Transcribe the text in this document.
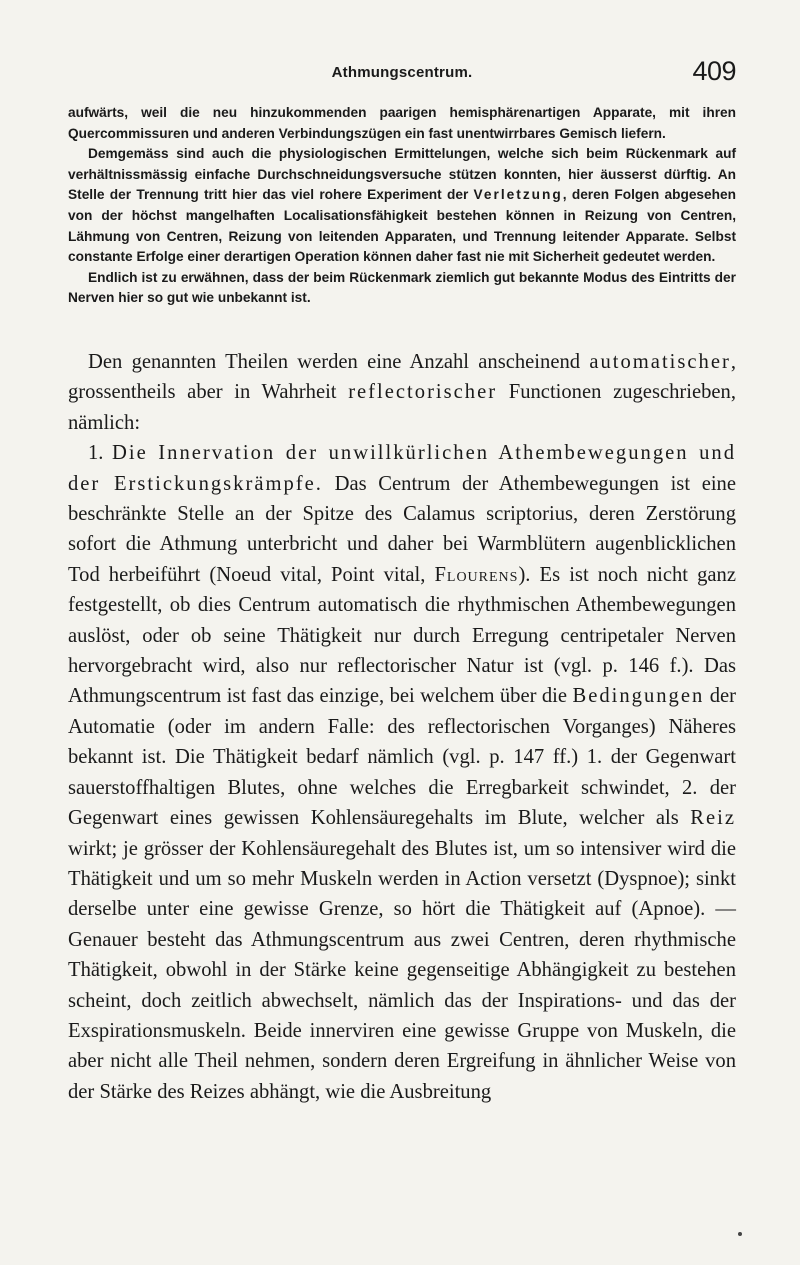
Athmungscentrum.	409

aufwärts, weil die neu hinzukommenden paarigen hemisphärenartigen Apparate, mit ihren Quercommissuren und anderen Verbindungszügen ein fast unentwirrbares Gemisch liefern.

Demgemäss sind auch die physiologischen Ermittelungen, welche sich beim Rückenmark auf verhältnissmässig einfache Durchschneidungsversuche stützen konnten, hier äusserst dürftig. An Stelle der Trennung tritt hier das viel rohere Experiment der Verletzung, deren Folgen abgesehen von der höchst mangelhaften Localisationsfähigkeit bestehen können in Reizung von Centren, Lähmung von Centren, Reizung von leitenden Apparaten, und Trennung leitender Apparate. Selbst constante Erfolge einer derartigen Operation können daher fast nie mit Sicherheit gedeutet werden.

Endlich ist zu erwähnen, dass der beim Rückenmark ziemlich gut bekannte Modus des Eintritts der Nerven hier so gut wie unbekannt ist.

Den genannten Theilen werden eine Anzahl anscheinend automatischer, grossentheils aber in Wahrheit reflectorischer Functionen zugeschrieben, nämlich:

1. Die Innervation der unwillkürlichen Athembewegungen und der Erstickungskrämpfe. Das Centrum der Athembewegungen ist eine beschränkte Stelle an der Spitze des Calamus scriptorius, deren Zerstörung sofort die Athmung unterbricht und daher bei Warmblütern augenblicklichen Tod herbeiführt (Noeud vital, Point vital, Flourens). Es ist noch nicht ganz festgestellt, ob dies Centrum automatisch die rhythmischen Athembewegungen auslöst, oder ob seine Thätigkeit nur durch Erregung centripetaler Nerven hervorgebracht wird, also nur reflectorischer Natur ist (vgl. p. 146 f.). Das Athmungscentrum ist fast das einzige, bei welchem über die Bedingungen der Automatie (oder im andern Falle: des reflectorischen Vorganges) Näheres bekannt ist. Die Thätigkeit bedarf nämlich (vgl. p. 147 ff.) 1. der Gegenwart sauerstoffhaltigen Blutes, ohne welches die Erregbarkeit schwindet, 2. der Gegenwart eines gewissen Kohlensäuregehalts im Blute, welcher als Reiz wirkt; je grösser der Kohlensäuregehalt des Blutes ist, um so intensiver wird die Thätigkeit und um so mehr Muskeln werden in Action versetzt (Dyspnoe); sinkt derselbe unter eine gewisse Grenze, so hört die Thätigkeit auf (Apnoe). — Genauer besteht das Athmungscentrum aus zwei Centren, deren rhythmische Thätigkeit, obwohl in der Stärke keine gegenseitige Abhängigkeit zu bestehen scheint, doch zeitlich abwechselt, nämlich das der Inspirations- und das der Exspirationsmuskeln. Beide innerviren eine gewisse Gruppe von Muskeln, die aber nicht alle Theil nehmen, sondern deren Ergreifung in ähnlicher Weise von der Stärke des Reizes abhängt, wie die Ausbreitung
